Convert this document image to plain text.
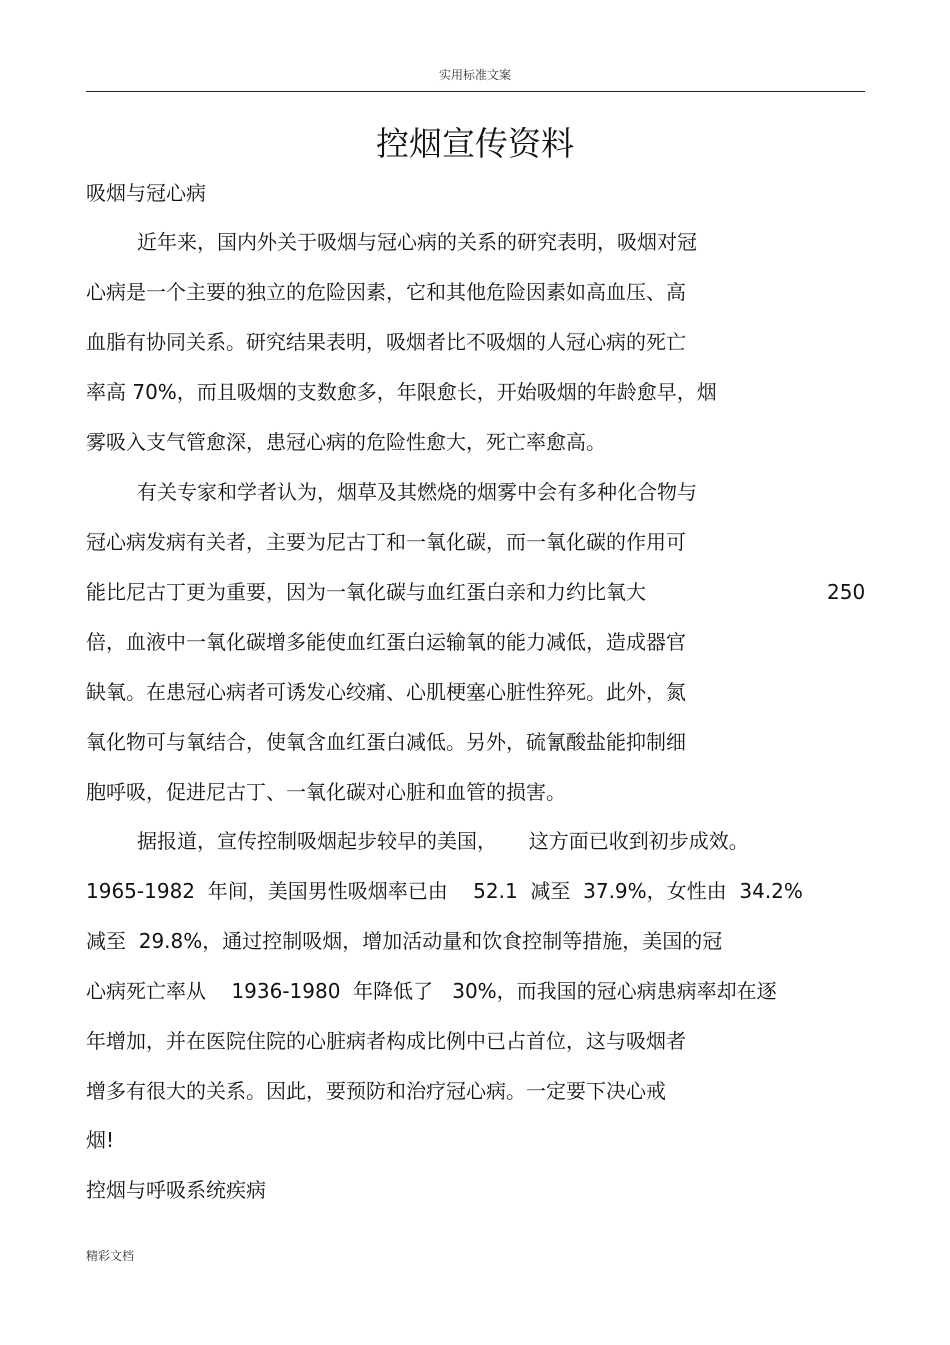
实用标准文案
控烟宣传资料
吸烟与冠心病
近年来，国内外关于吸烟与冠心病的关系的研究表明，吸烟对冠
心病是一个主要的独立的危险因素，它和其他危险因素如高血压、高
血脂有协同关系。研究结果表明，吸烟者比不吸烟的人冠心病的死亡
率高 70%，而且吸烟的支数愈多，年限愈长，开始吸烟的年龄愈早，烟
雾吸入支气管愈深，患冠心病的危险性愈大，死亡率愈高。
有关专家和学者认为，烟草及其燃烧的烟雾中会有多种化合物与
冠心病发病有关者，主要为尼古丁和一氧化碳，而一氧化碳的作用可
能比尼古丁更为重要，因为一氧化碳与血红蛋白亲和力约比氧大	250
倍，血液中一氧化碳增多能使血红蛋白运输氧的能力减低，造成器官
缺氧。在患冠心病者可诱发心绞痛、心肌梗塞心脏性猝死。此外，氮
氧化物可与氧结合，使氧含血红蛋白减低。另外，硫氰酸盐能抑制细
胞呼吸，促进尼古丁、一氧化碳对心脏和血管的损害。
据报道，宣传控制吸烟起步较早的美国，     这方面已收到初步成效。
1965-1982  年间，美国男性吸烟率已由    52.1  减至  37.9%，女性由  34.2%
减至  29.8%，通过控制吸烟，增加活动量和饮食控制等措施，美国的冠
心病死亡率从    1936-1980  年降低了   30%，而我国的冠心病患病率却在逐
年增加，并在医院住院的心脏病者构成比例中已占首位，这与吸烟者
增多有很大的关系。因此，要预防和治疗冠心病。一定要下决心戒
烟!
控烟与呼吸系统疾病
精彩文档
